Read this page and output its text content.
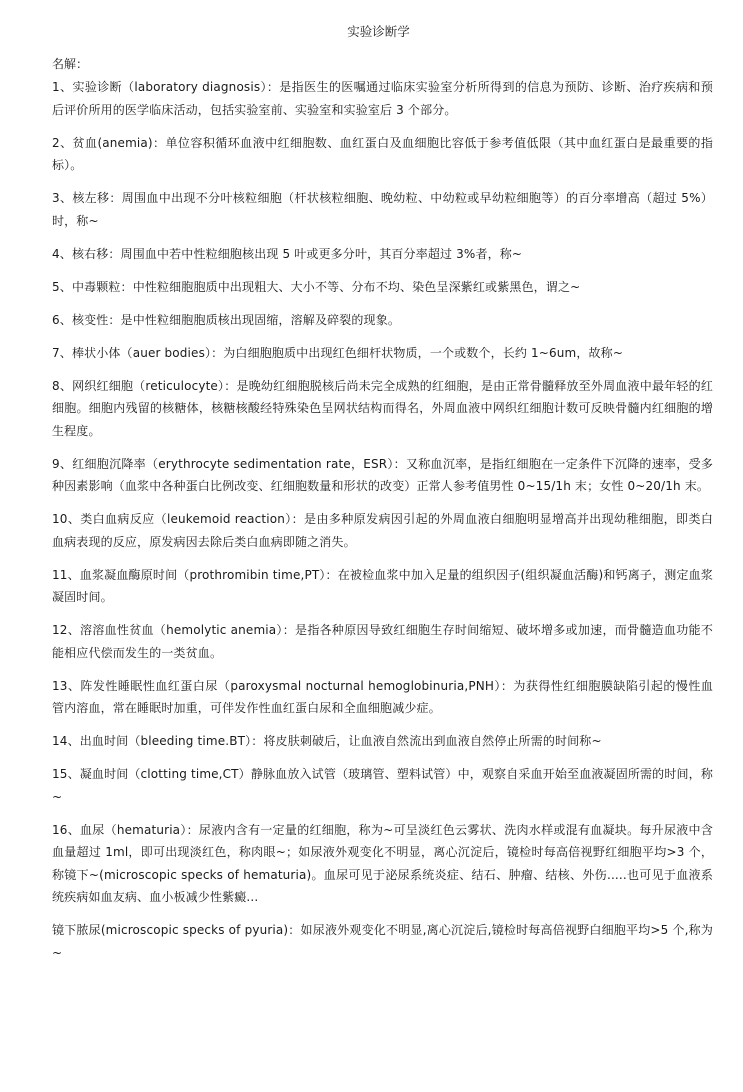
实验诊断学
名解：

1、实验诊断（laboratory diagnosis）：是指医生的医嘱通过临床实验室分析所得到的信息为预防、诊断、治疗疾病和预后评价所用的医学临床活动，包括实验室前、实验室和实验室后 3 个部分。

2、贫血(anemia)：单位容积循环血液中红细胞数、血红蛋白及血细胞比容低于参考值低限（其中血红蛋白是最重要的指标）。

3、核左移：周围血中出现不分叶核粒细胞（杆状核粒细胞、晚幼粒、中幼粒或早幼粒细胞等）的百分率增高（超过 5%）时，称~

4、核右移：周围血中若中性粒细胞核出现 5 叶或更多分叶，其百分率超过 3%者，称~

5、中毒颗粒：中性粒细胞胞质中出现粗大、大小不等、分布不均、染色呈深紫红或紫黑色，谓之~

6、核变性：是中性粒细胞胞质核出现固缩，溶解及碎裂的现象。

7、棒状小体（auer bodies）：为白细胞胞质中出现红色细杆状物质，一个或数个，长约 1~6um，故称~

8、网织红细胞（reticulocyte）：是晚幼红细胞脱核后尚未完全成熟的红细胞，是由正常骨髓释放至外周血液中最年轻的红细胞。细胞内残留的核糖体，核糖核酸经特殊染色呈网状结构而得名，外周血液中网织红细胞计数可反映骨髓内红细胞的增生程度。

9、红细胞沉降率（erythrocyte sedimentation rate，ESR）：又称血沉率，是指红细胞在一定条件下沉降的速率，受多种因素影响（血浆中各种蛋白比例改变、红细胞数量和形状的改变）正常人参考值男性 0~15/1h 末；女性 0~20/1h 末。

10、类白血病反应（leukemoid reaction）：是由多种原发病因引起的外周血液白细胞明显增高并出现幼稚细胞，即类白血病表现的反应，原发病因去除后类白血病即随之消失。

11、血浆凝血酶原时间（prothromibin time,PT）：在被检血浆中加入足量的组织因子(组织凝血活酶)和钙离子，测定血浆凝固时间。

12、溶溶血性贫血（hemolytic anemia）：是指各种原因导致红细胞生存时间缩短、破坏增多或加速，而骨髓造血功能不能相应代偿而发生的一类贫血。

13、阵发性睡眠性血红蛋白尿（paroxysmal nocturnal hemoglobinuria,PNH）：为获得性红细胞膜缺陷引起的慢性血管内溶血，常在睡眠时加重，可伴发作性血红蛋白尿和全血细胞减少症。

14、出血时间（bleeding time.BT）：将皮肤刺破后，让血液自然流出到血液自然停止所需的时间称~

15、凝血时间（clotting time,CT）静脉血放入试管（玻璃管、塑料试管）中，观察自采血开始至血液凝固所需的时间，称~

16、血尿（hematuria）：尿液内含有一定量的红细胞，称为~可呈淡红色云雾状、洗肉水样或混有血凝块。每升尿液中含血量超过 1ml，即可出现淡红色，称肉眼~；如尿液外观变化不明显，离心沉淀后，镜检时每高倍视野红细胞平均>3 个，称镜下~(microscopic specks of hematuria)。血尿可见于泌尿系统炎症、结石、肿瘤、结核、外伤.....也可见于血液系统疾病如血友病、血小板减少性紫癜...

镜下脓尿(microscopic specks of pyuria)：如尿液外观变化不明显,离心沉淀后,镜检时每高倍视野白细胞平均>5 个,称为~
